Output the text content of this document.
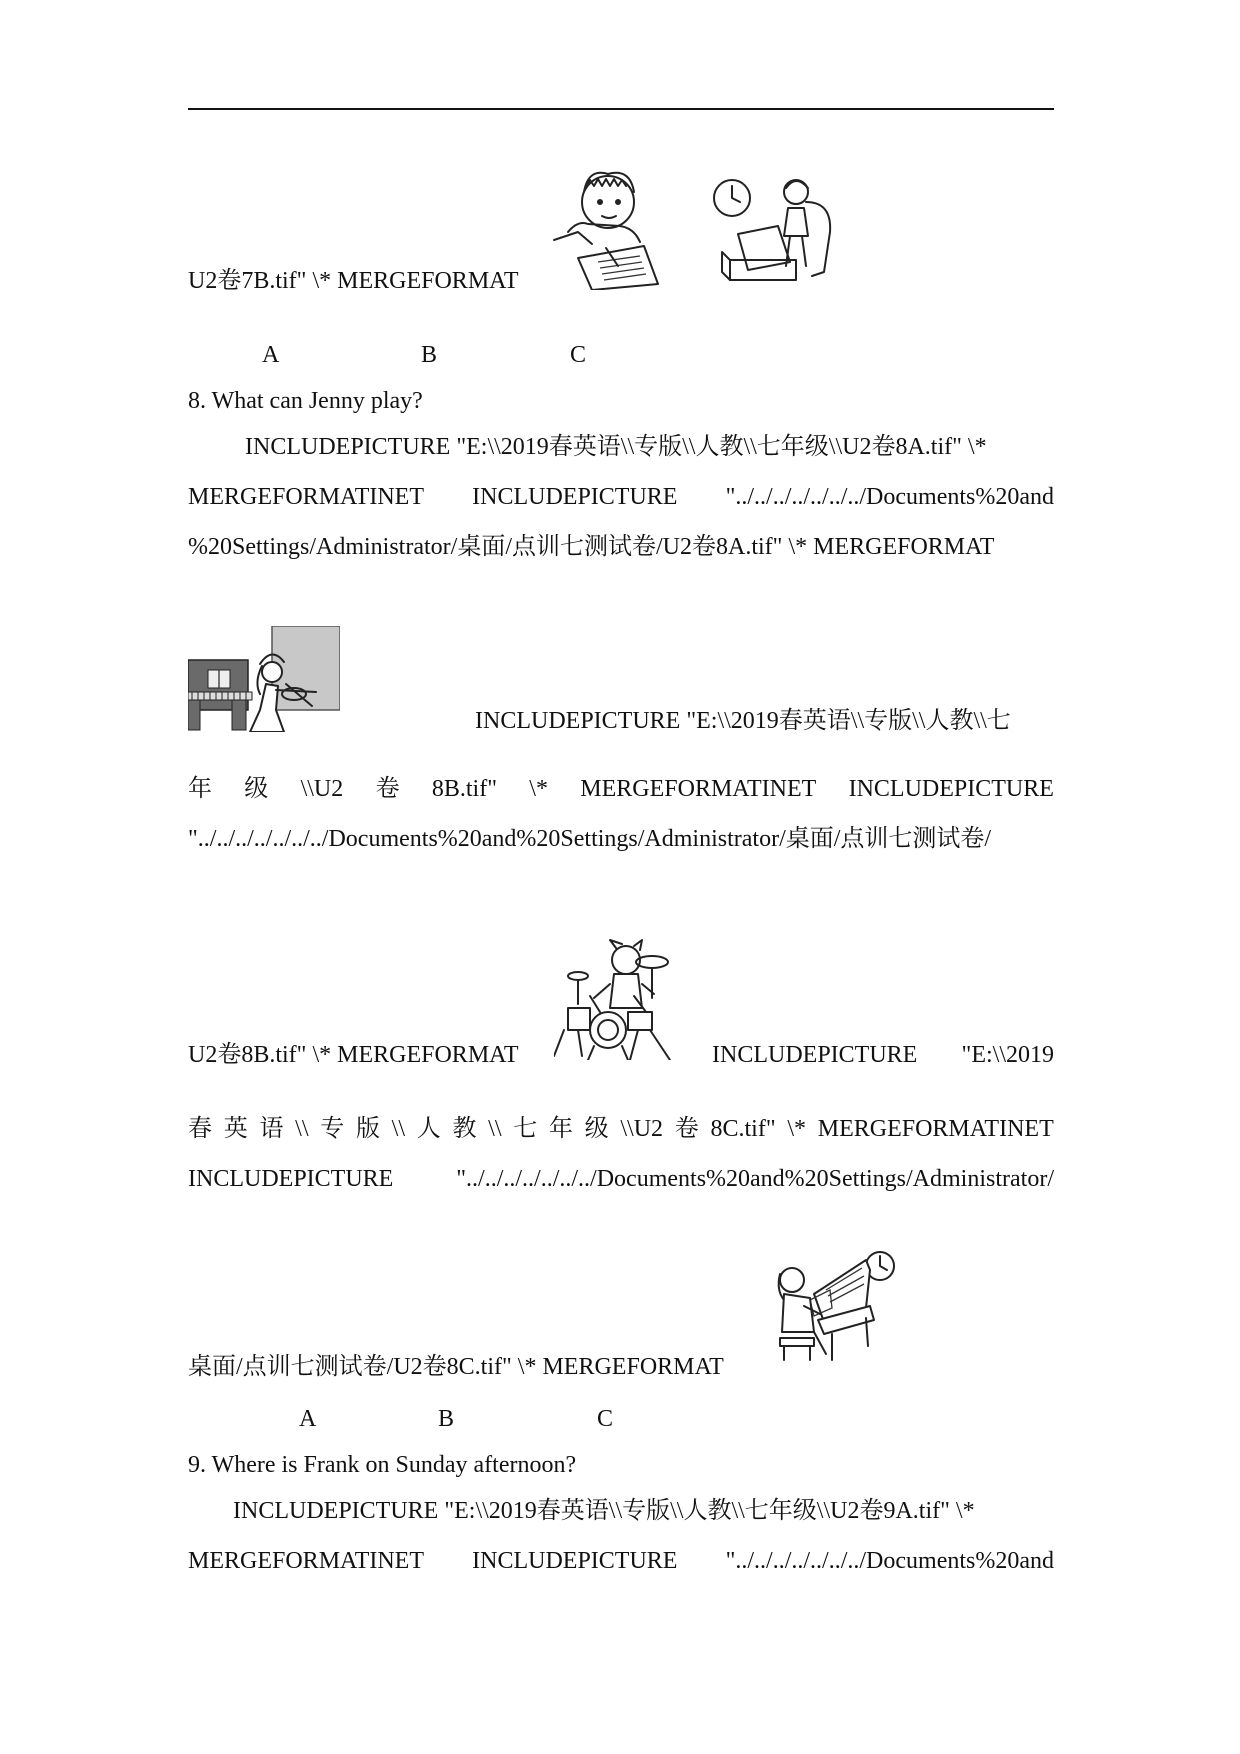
U2卷7B.tif" \* MERGEFORMAT
A	B	C
8. What can Jenny play?
INCLUDEPICTURE "E:\\2019春英语\\专版\\人教\\七年级\\U2卷8A.tif" \*
MERGEFORMATINET INCLUDEPICTURE "../../../../../../../Documents%20and
%20Settings/Administrator/桌面/点训七测试卷/U2卷8A.tif" \* MERGEFORMAT
INCLUDEPICTURE "E:\\2019春英语\\专版\\人教\\七
年 级 \\U2 卷 8B.tif" \* MERGEFORMATINET INCLUDEPICTURE
"../../../../../../../Documents%20and%20Settings/Administrator/桌面/点训七测试卷/
U2卷8B.tif" \* MERGEFORMAT	INCLUDEPICTURE "E:\\2019
春 英 语 \\ 专 版 \\ 人 教 \\ 七 年 级 \\U2 卷 8C.tif" \* MERGEFORMATINET
INCLUDEPICTURE	"../../../../../../../Documents%20and%20Settings/Administrator/
桌面/点训七测试卷/U2卷8C.tif" \* MERGEFORMAT
A	B	C
9. Where is Frank on Sunday afternoon?
INCLUDEPICTURE "E:\\2019春英语\\专版\\人教\\七年级\\U2卷9A.tif" \*
MERGEFORMATINET INCLUDEPICTURE "../../../../../../../Documents%20and
